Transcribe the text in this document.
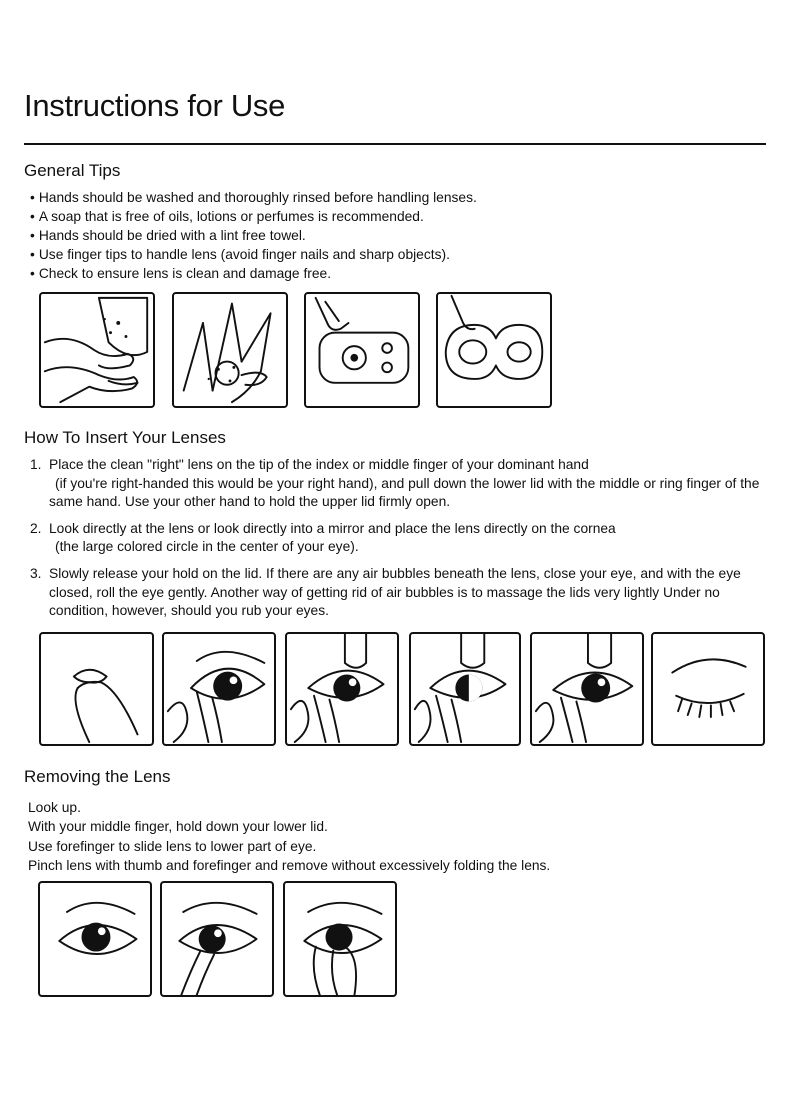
Instructions for Use
General Tips
• Hands should be washed and thoroughly rinsed before handling lenses.
• A soap that is free of oils, lotions or perfumes is recommended.
• Hands should be dried with a lint free towel.
• Use finger tips to handle lens (avoid finger nails and sharp objects).
• Check to ensure lens is clean and damage free.
How To Insert Your Lenses
1. Place the clean "right" lens on the tip of the index or middle finger of your dominant hand
(if you're right-handed this would be your right hand), and pull down the lower lid with the middle or ring finger of the same hand. Use your other hand to hold the upper lid firmly open.
2. Look directly at the lens or look directly into a mirror and place the lens directly on the cornea
(the large colored circle in the center of your eye).
3. Slowly release your hold on the lid. If there are any air bubbles beneath the lens, close your eye, and with the eye closed, roll the eye gently. Another way of getting rid of air bubbles is to massage the lids very lightly Under no condition, however, should you rub your eyes.
Removing the Lens
Look up.
With your middle finger, hold down your lower lid.
Use forefinger to slide lens to lower part of eye.
Pinch lens with thumb and forefinger and remove without excessively folding the lens.
